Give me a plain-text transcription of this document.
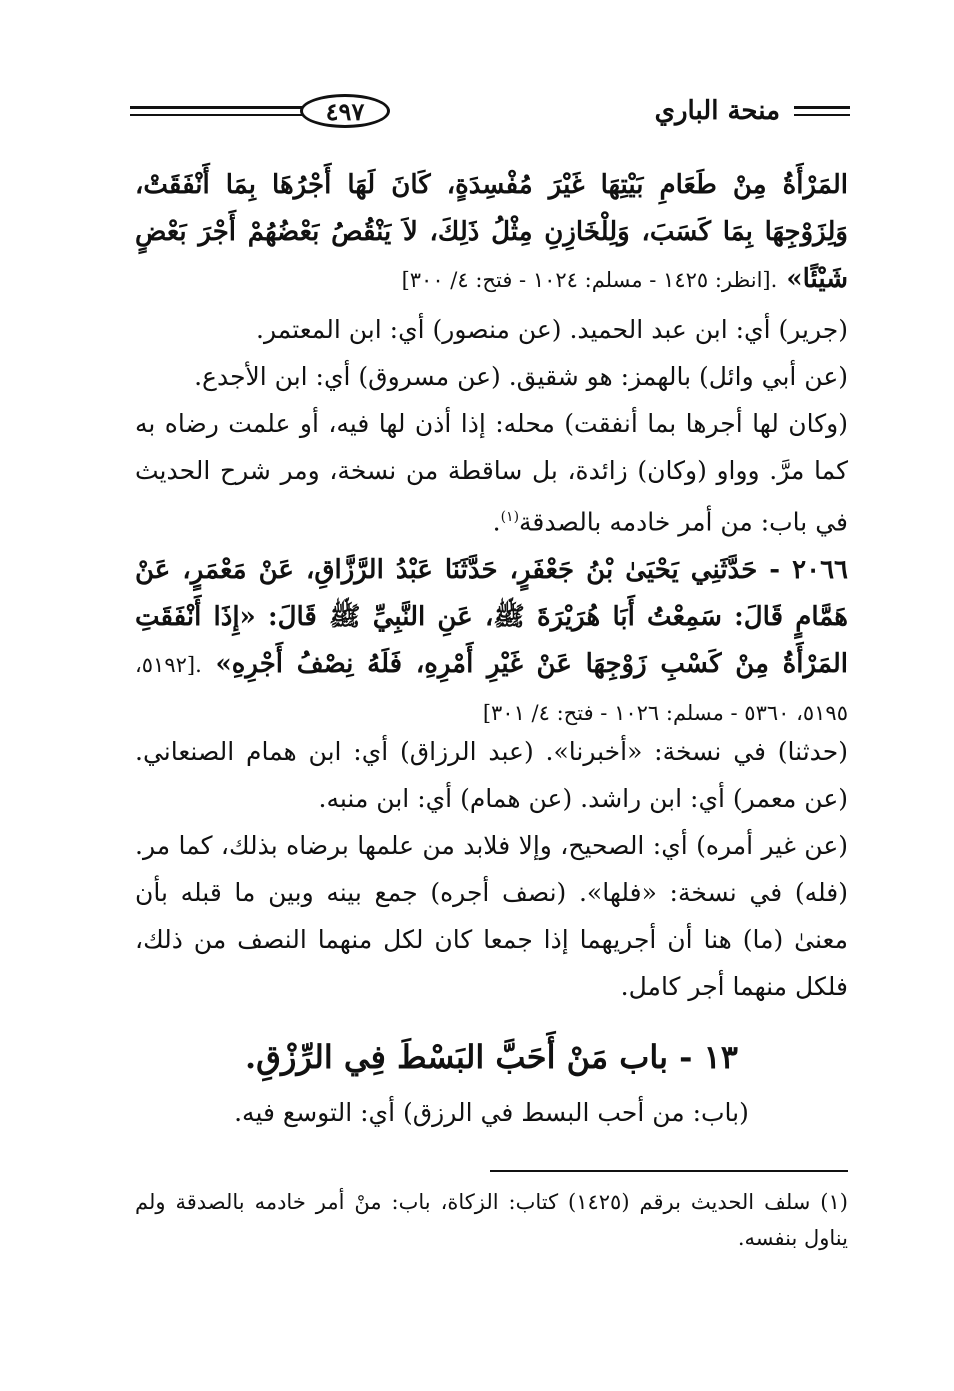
٤٩٧	منحة الباري
المَرْأَةُ مِنْ طَعَامِ بَيْتِهَا غَيْرَ مُفْسِدَةٍ، كَانَ لَهَا أَجْرُهَا بِمَا أَنْفَقَتْ، وَلِزَوْجِهَا بِمَا كَسَبَ، وَلِلْخَازِنِ مِثْلُ ذَلِكَ، لاَ يَنْقُصُ بَعْضُهُمْ أَجْرَ بَعْضٍ شَيْئًا» .[انظر: ١٤٢٥ - مسلم: ١٠٢٤ - فتح: ٤/ ٣٠٠]
(جرير) أي: ابن عبد الحميد. (عن منصور) أي: ابن المعتمر.
(عن أبي وائل) بالهمز: هو شقيق. (عن مسروق) أي: ابن الأجدع.
(وكان لها أجرها بما أنفقت) محله: إذا أذن لها فيه، أو علمت رضاه به كما مرَّ. وواو (وكان) زائدة، بل ساقطة من نسخة، ومر شرح الحديث في باب: من أمر خادمه بالصدقة$^{(١)}$.
٢٠٦٦ - حَدَّثَنِي يَحْيَىٰ بْنُ جَعْفَرٍ، حَدَّثَنَا عَبْدُ الرَّزَّاقِ، عَنْ مَعْمَرٍ، عَنْ هَمَّامٍ قَالَ: سَمِعْتُ أَبَا هُرَيْرَةَ ﷺ، عَنِ النَّبِيِّ ﷺ قَالَ: «إِذَا أَنْفَقَتِ المَرْأَةُ مِنْ كَسْبِ زَوْجِهَا عَنْ غَيْرِ أَمْرِهِ، فَلَهُ نِصْفُ أَجْرِهِ» .[٥١٩٢، ٥١٩٥، ٥٣٦٠ - مسلم: ١٠٢٦ - فتح: ٤/ ٣٠١]
(حدثنا) في نسخة: «أخبرنا». (عبد الرزاق) أي: ابن همام الصنعاني. (عن معمر) أي: ابن راشد. (عن همام) أي: ابن منبه.
(عن غير أمره) أي: الصحيح، وإلا فلابد من علمها برضاه بذلك، كما مر. (فله) في نسخة: «فلها». (نصف أجره) جمع بينه وبين ما قبله بأن معنىٰ (ما) هنا أن أجريهما إذا جمعا كان لكل منهما النصف من ذلك، فلكل منهما أجر كامل.
١٣ - باب مَنْ أَحَبَّ البَسْطَ فِي الرِّزْقِ.
(باب: من أحب البسط في الرزق) أي: التوسع فيه.
(١) سلف الحديث برقم (١٤٢٥) كتاب: الزكاة، باب: منْ أمر خادمه بالصدقة ولم يناول بنفسه.
